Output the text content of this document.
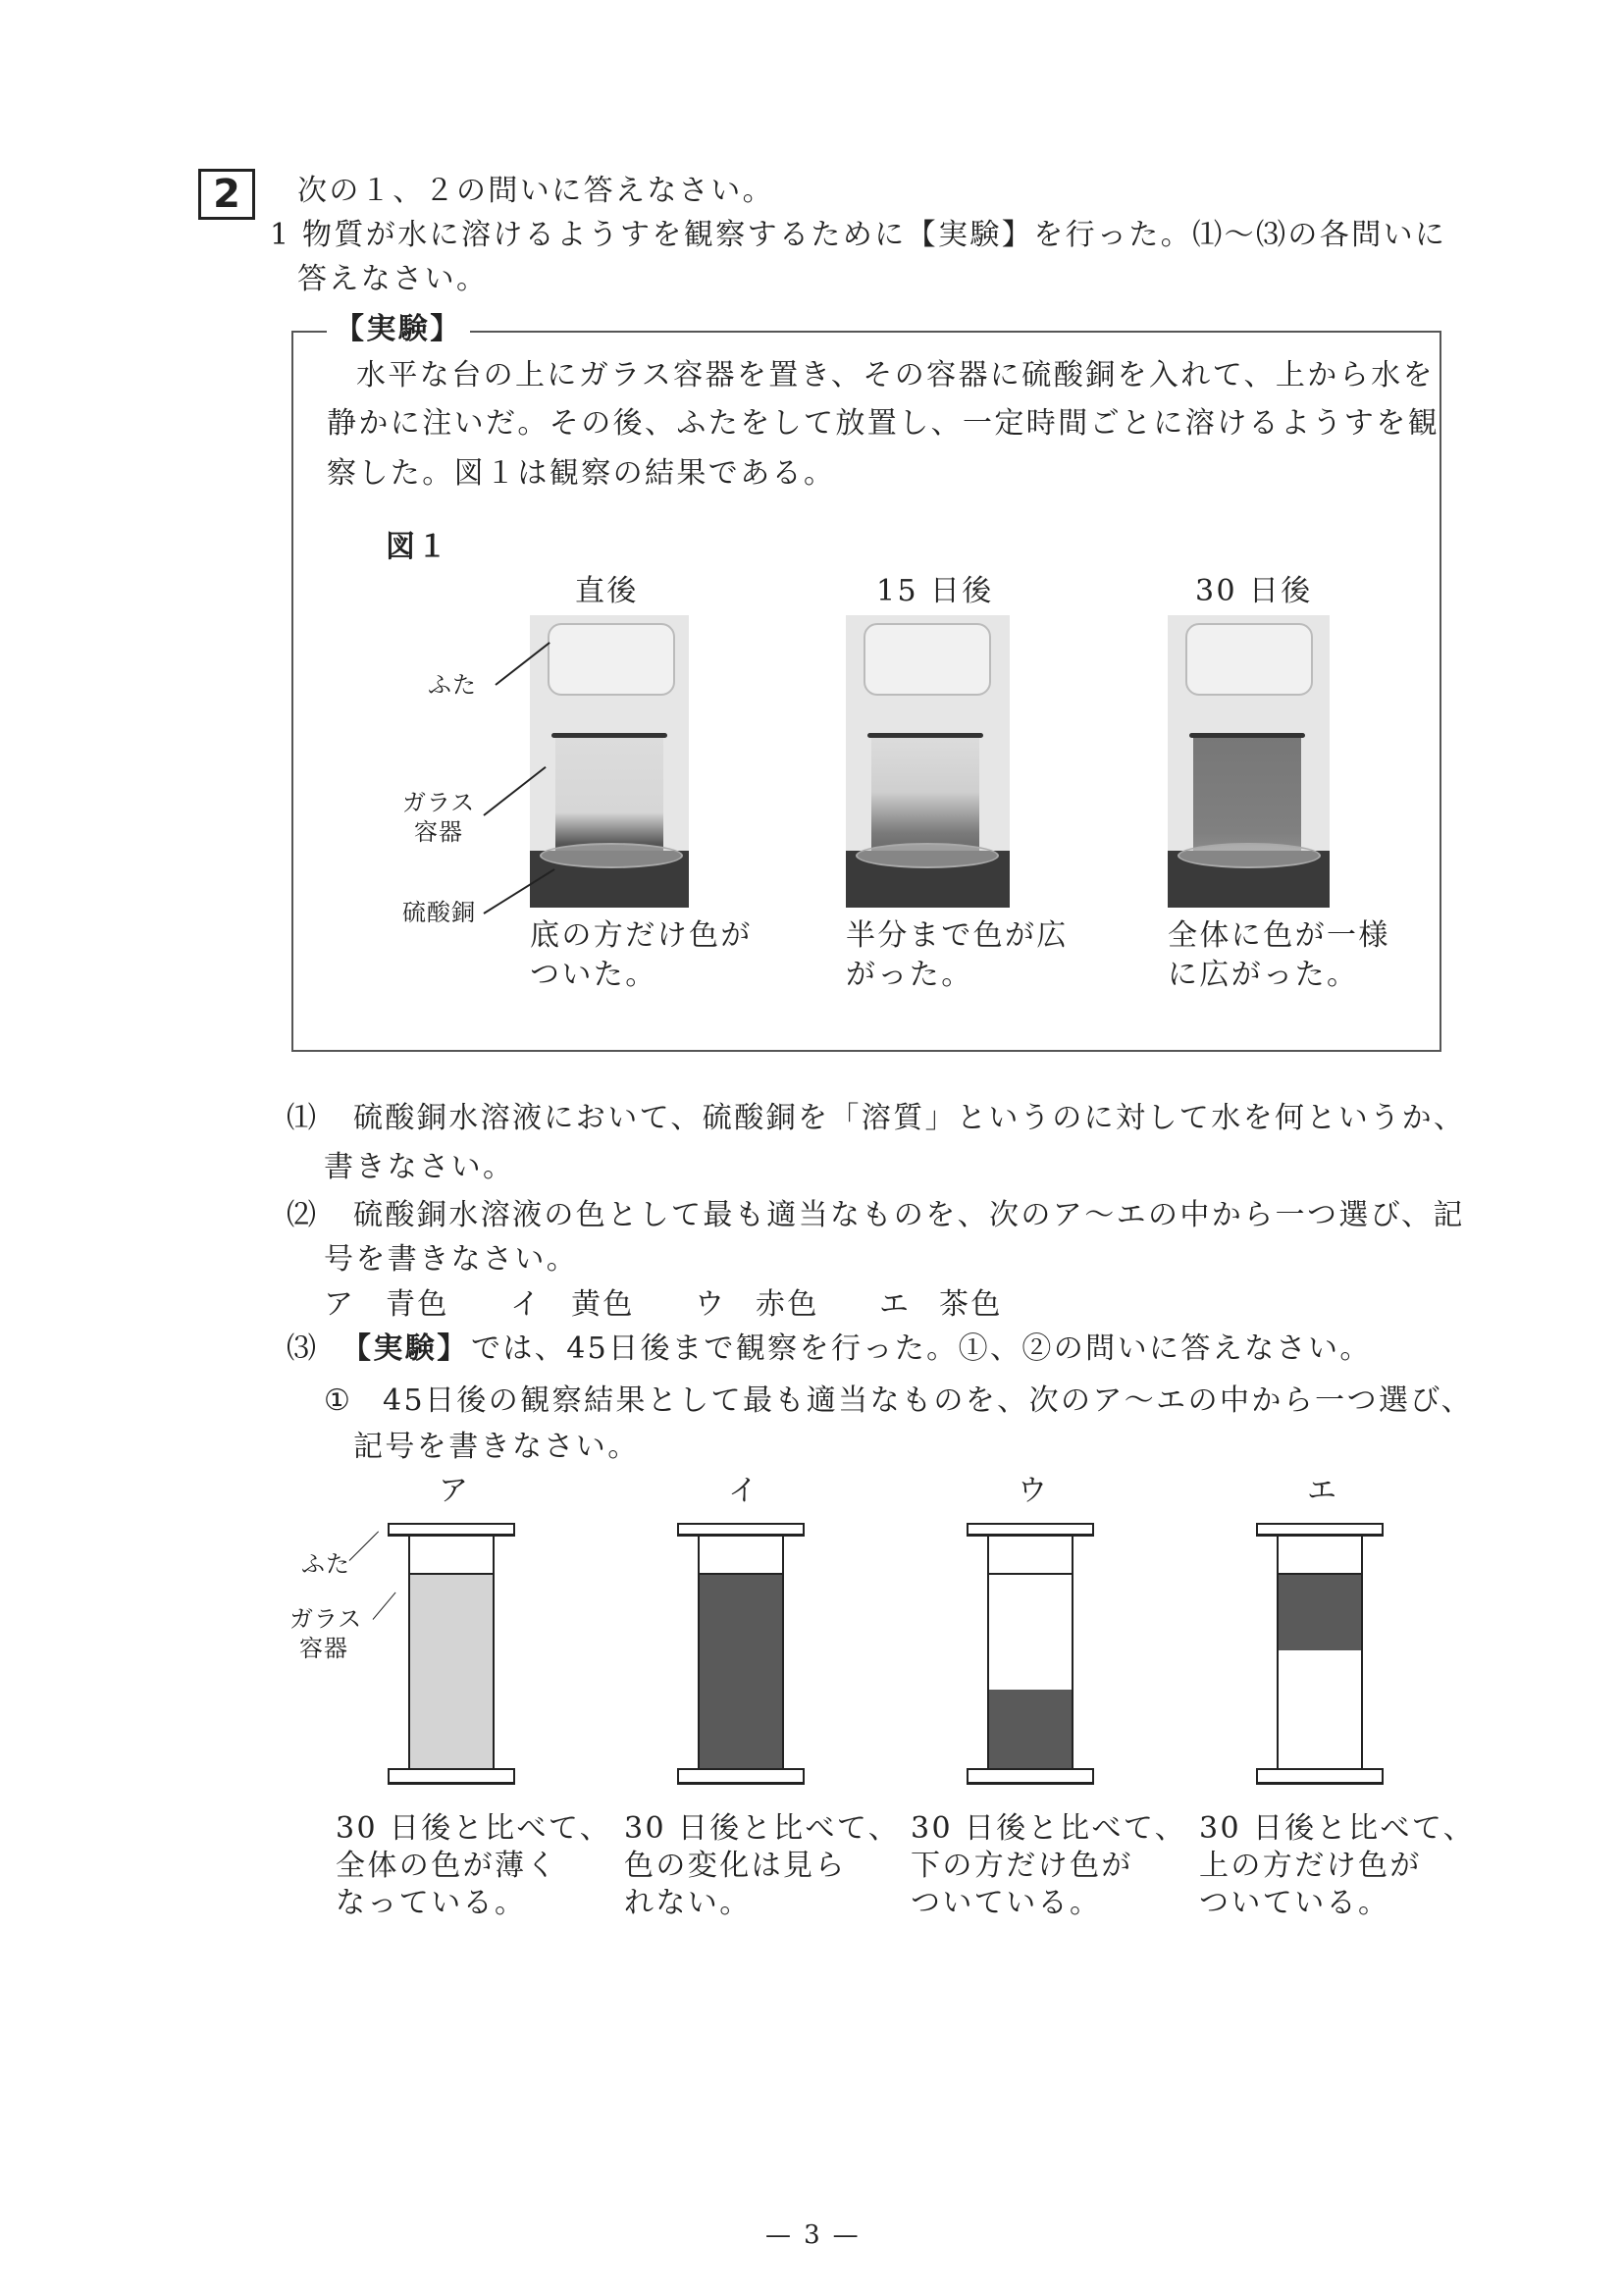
2	次の１、２の問いに答えなさい。
1 物質が水に溶けるようすを観察するために【実験】を行った。⑴～⑶の各問いに
答えなさい。
【実験】
水平な台の上にガラス容器を置き、その容器に硫酸銅を入れて、上から水を
静かに注いだ。その後、ふたをして放置し、一定時間ごとに溶けるようすを観
察した。図１は観察の結果である。
図１
直後	15 日後	30 日後
ふた
ガラス
容器
硫酸銅
底の方だけ色が
ついた。
半分まで色が広
がった。
全体に色が一様
に広がった。
⑴ 硫酸銅水溶液において、硫酸銅を「溶質」というのに対して水を何というか、
書きなさい。
⑵ 硫酸銅水溶液の色として最も適当なものを、次のア～エの中から一つ選び、記
号を書きなさい。
ア 青色 イ 黄色 ウ 赤色 エ 茶色
⑶ 【実験】 では、45日後まで観察を行った。①、②の問いに答えなさい。
① 45日後の観察結果として最も適当なものを、次のア～エの中から一つ選び、
記号を書きなさい。
ア	イ	ウ	エ
ふた
ガラス
容器
30 日後と比べて、
全体の色が薄く
なっている。
30 日後と比べて、
色の変化は見ら
れない。
30 日後と比べて、
下の方だけ色が
ついている。
30 日後と比べて、
上の方だけ色が
ついている。
— 3 —
